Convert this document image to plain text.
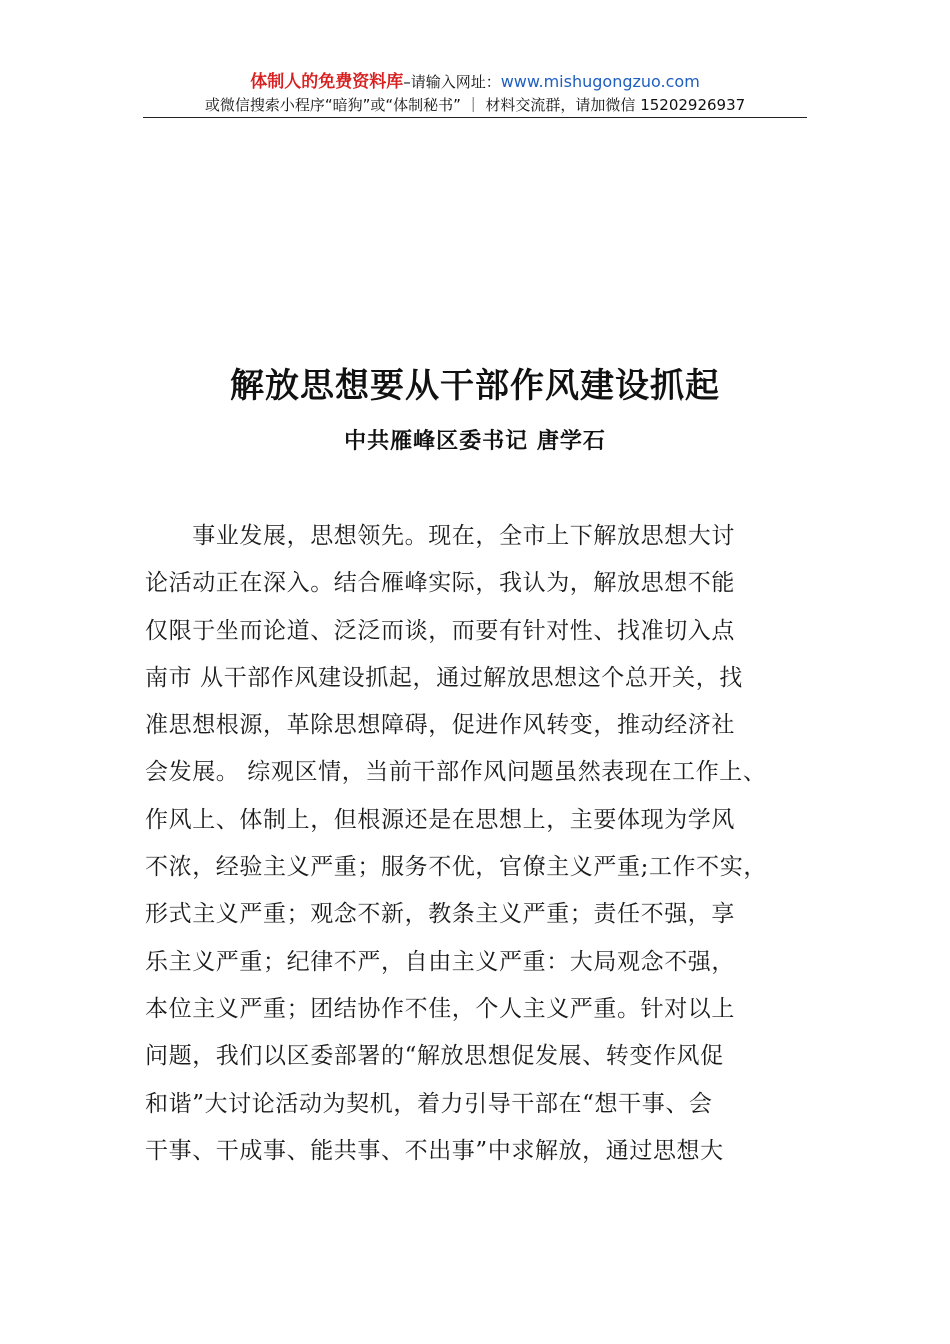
体制人的免费资料库–请输入网址：www.mishugongzuo.com
或微信搜索小程序“暗狗”或“体制秘书” ｜ 材料交流群，请加微信 15202926937
解放思想要从干部作风建设抓起
中共雁峰区委书记 唐学石
　　事业发展，思想领先。现在，全市上下解放思想大讨
论活动正在深入。结合雁峰实际，我认为，解放思想不能
仅限于坐而论道、泛泛而谈，而要有针对性、找准切入点
南市 从干部作风建设抓起，通过解放思想这个总开关，找
准思想根源，革除思想障碍，促进作风转变，推动经济社
会发展。 综观区情，当前干部作风问题虽然表现在工作上、
作风上、体制上，但根源还是在思想上，主要体现为学风
不浓，经验主义严重；服务不优，官僚主义严重;工作不实，
形式主义严重；观念不新，教条主义严重；责任不强，享
乐主义严重；纪律不严，自由主义严重：大局观念不强，
本位主义严重；团结协作不佳，个人主义严重。针对以上
问题，我们以区委部署的“解放思想促发展、转变作风促
和谐”大讨论活动为契机，着力引导干部在“想干事、会
干事、干成事、能共事、不出事”中求解放，通过思想大
